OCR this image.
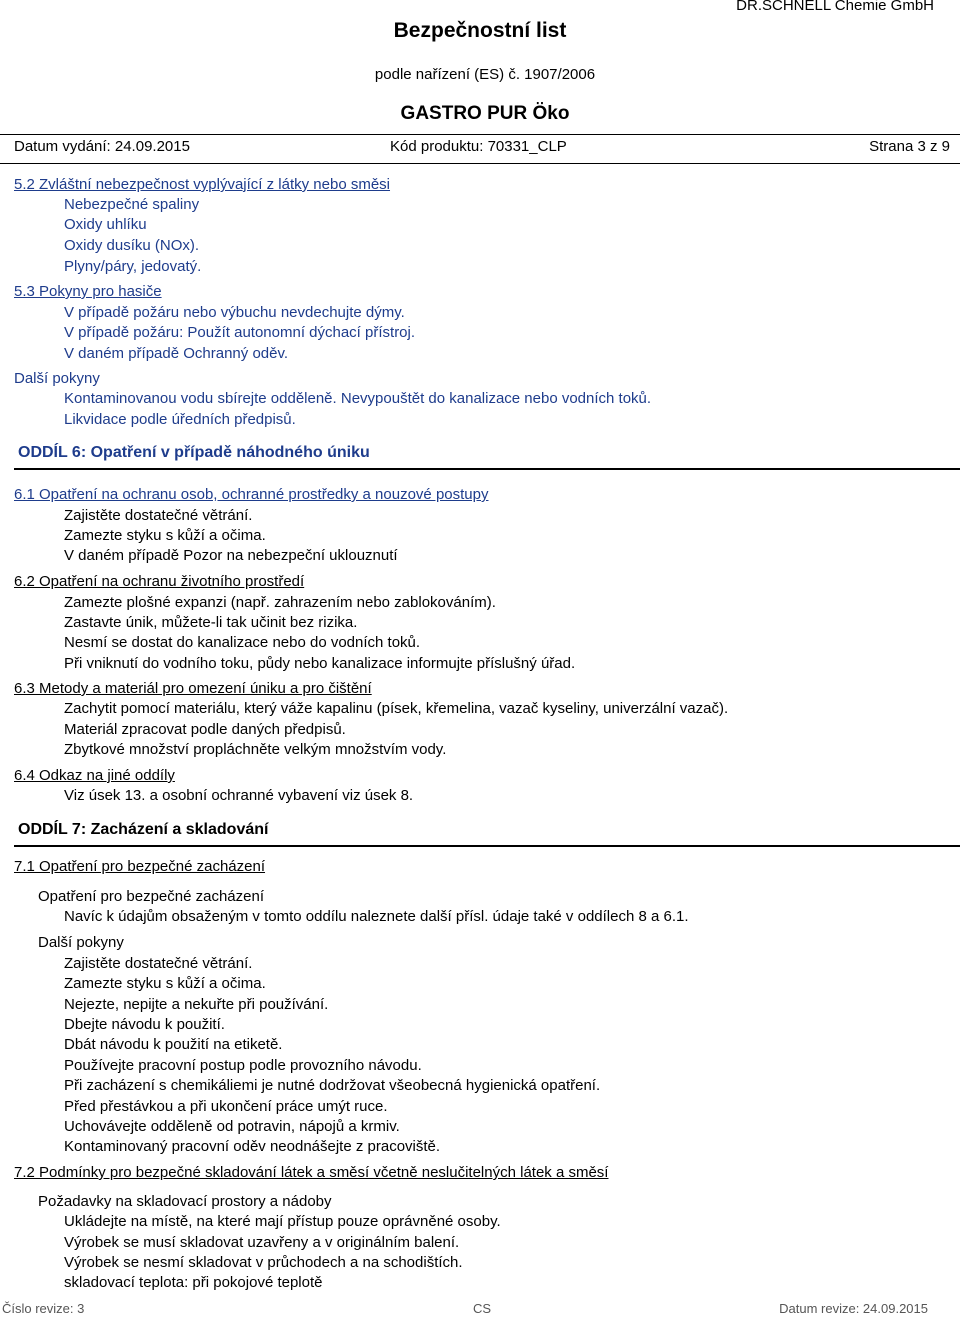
Bezpečnostní list
DR.SCHNELL Chemie GmbH
podle nařízení (ES) č. 1907/2006
GASTRO PUR Öko
Datum vydání: 24.09.2015	Kód produktu: 70331_CLP	Strana 3 z 9
5.2 Zvláštní nebezpečnost vyplývající z látky nebo směsi
Nebezpečné spaliny
Oxidy uhlíku
Oxidy dusíku (NOx).
Plyny/páry, jedovatý.
5.3 Pokyny pro hasiče
V případě požáru nebo výbuchu nevdechujte dýmy.
V případě požáru: Použít autonomní dýchací přístroj.
V daném případě Ochranný oděv.
Další pokyny
Kontaminovanou vodu sbírejte odděleně. Nevypouštět do kanalizace nebo vodních toků.
Likvidace podle úředních předpisů.
ODDÍL 6: Opatření v případě náhodného úniku
6.1 Opatření na ochranu osob, ochranné prostředky a nouzové postupy
Zajistěte dostatečné větrání.
Zamezte styku s kůží a očima.
V daném případě Pozor na nebezpeční uklouznutí
6.2 Opatření na ochranu životního prostředí
Zamezte plošné expanzi (např. zahrazením nebo zablokováním).
Zastavte únik, můžete-li tak učinit bez rizika.
Nesmí se dostat do kanalizace nebo do vodních toků.
Při vniknutí do vodního toku, půdy nebo kanalizace informujte příslušný úřad.
6.3 Metody a materiál pro omezení úniku a pro čištění
Zachytit pomocí materiálu, který váže kapalinu (písek, křemelina, vazač kyseliny, univerzální vazač).
Materiál zpracovat podle daných předpisů.
Zbytkové množství propláchněte velkým množstvím vody.
6.4 Odkaz na jiné oddíly
Viz úsek 13. a osobní ochranné vybavení viz úsek 8.
ODDÍL 7: Zacházení a skladování
7.1 Opatření pro bezpečné zacházení
Opatření pro bezpečné zacházení
Navíc k údajům obsaženým v tomto oddílu naleznete další přísl. údaje také v oddílech 8 a 6.1.
Další pokyny
Zajistěte dostatečné větrání.
Zamezte styku s kůží a očima.
Nejezte, nepijte a nekuřte při používání.
Dbejte návodu k použití.
Dbát návodu k použití na etiketě.
Používejte pracovní postup podle provozního návodu.
Při zacházení s chemikáliemi je nutné dodržovat všeobecná hygienická opatření.
Před přestávkou a při ukončení práce umýt ruce.
Uchovávejte odděleně od potravin, nápojů a krmiv.
Kontaminovaný pracovní oděv neodnášejte z pracoviště.
7.2 Podmínky pro bezpečné skladování látek a směsí včetně neslučitelných látek a směsí
Požadavky na skladovací prostory a nádoby
Ukládejte na místě, na které mají přístup pouze oprávněné osoby.
Výrobek se musí skladovat uzavřeny a v originálním balení.
Výrobek se nesmí skladovat v průchodech a na schodištích.
skladovací teplota: při pokojové teplotě
Číslo revize: 3	CS	Datum revize: 24.09.2015
